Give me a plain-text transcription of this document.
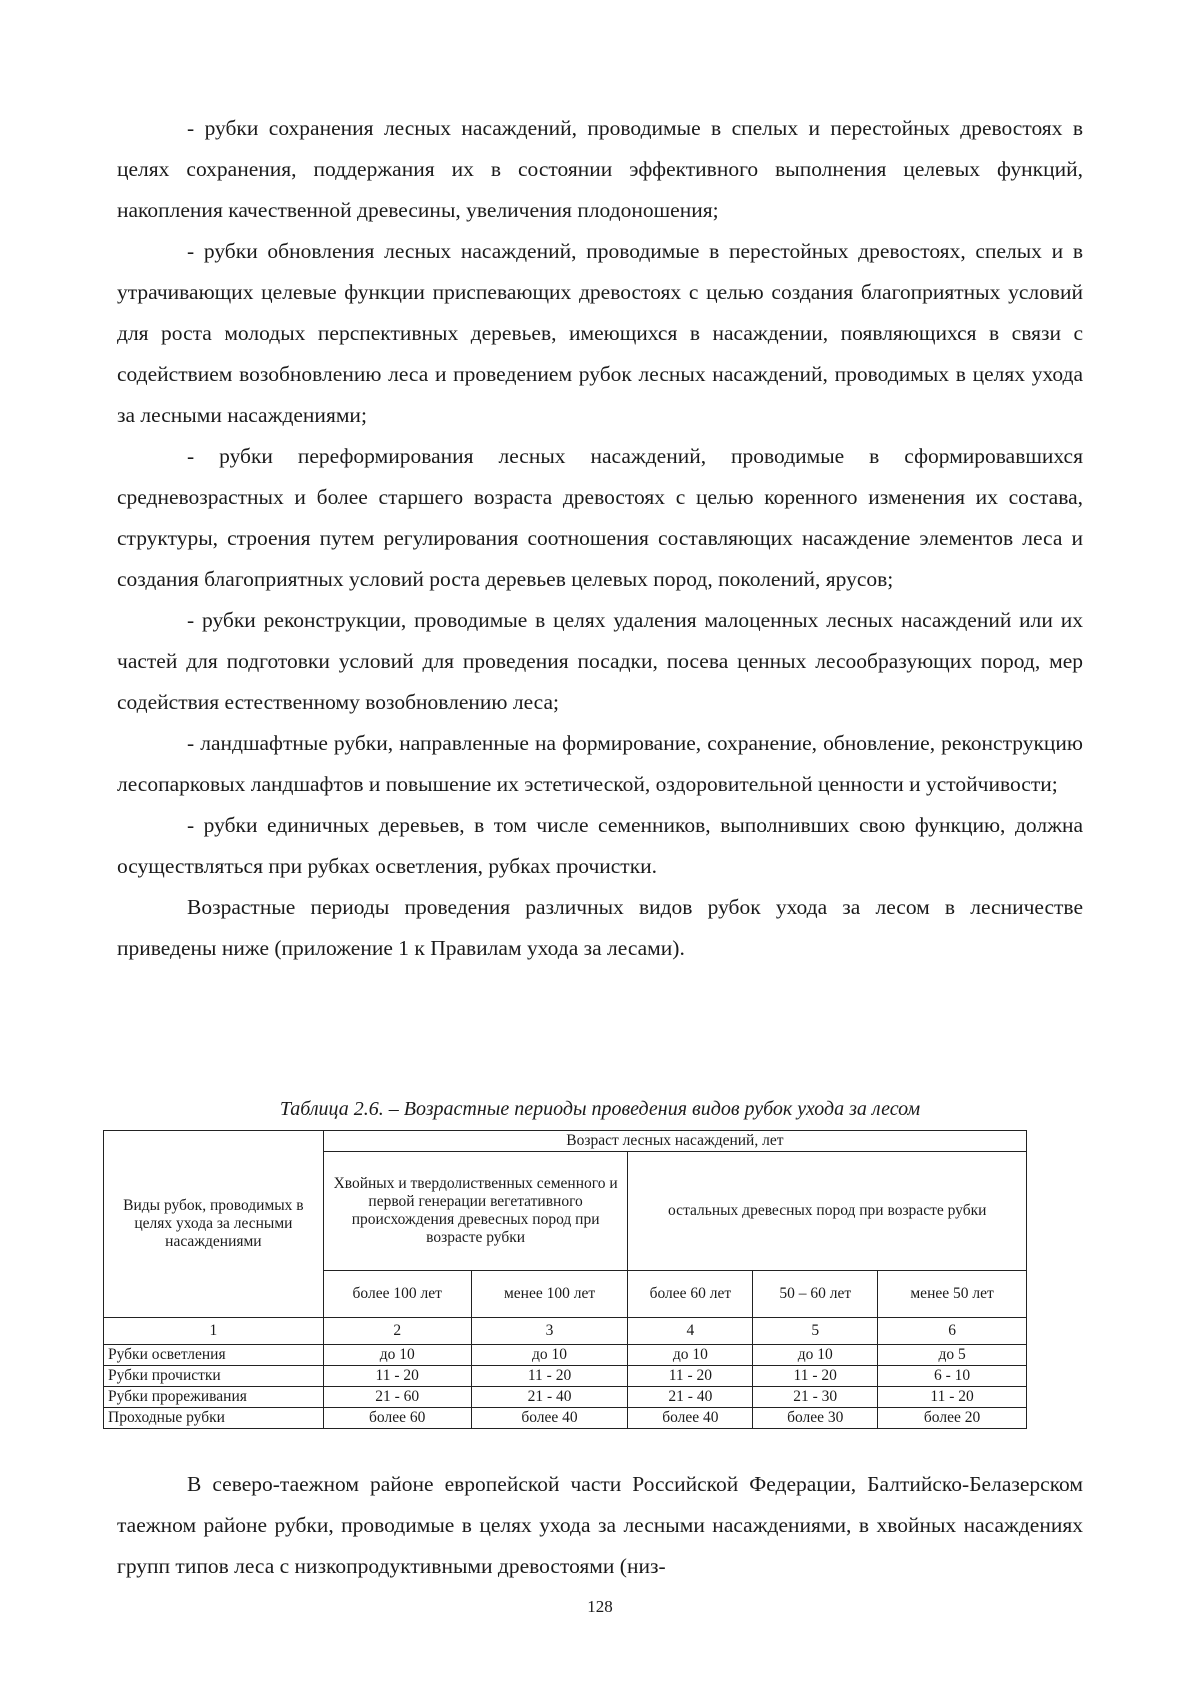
- рубки сохранения лесных насаждений, проводимые в спелых и перестойных древостоях в целях сохранения, поддержания их в состоянии эффективного выполнения целевых функций, накопления качественной древесины, увеличения плодоношения;

- рубки обновления лесных насаждений, проводимые в перестойных древостоях, спелых и в утрачивающих целевые функции приспевающих древостоях с целью создания благоприятных условий для роста молодых перспективных деревьев, имеющихся в насаждении, появляющихся в связи с содействием возобновлению леса и проведением рубок лесных насаждений, проводимых в целях ухода за лесными насаждениями;

- рубки переформирования лесных насаждений, проводимые в сформировавшихся средневозрастных и более старшего возраста древостоях с целью коренного изменения их состава, структуры, строения путем регулирования соотношения составляющих насаждение элементов леса и создания благоприятных условий роста деревьев целевых пород, поколений, ярусов;

- рубки реконструкции, проводимые в целях удаления малоценных лесных насаждений или их частей для подготовки условий для проведения посадки, посева ценных лесообразующих пород, мер содействия естественному возобновлению леса;

- ландшафтные рубки, направленные на формирование, сохранение, обновление, реконструкцию лесопарковых ландшафтов и повышение их эстетической, оздоровительной ценности и устойчивости;

- рубки единичных деревьев, в том числе семенников, выполнивших свою функцию, должна осуществляться при рубках осветления, рубках прочистки.

Возрастные периоды проведения различных видов рубок ухода за лесом в лесничестве приведены ниже (приложение 1 к Правилам ухода за лесами).

Таблица 2.6. – Возрастные периоды проведения видов рубок ухода за лесом
Виды рубок, проводимых в целях ухода за лесными насаждениями	Возраст лесных насаждений, лет				
	Хвойных и твердолиственных семенного и первой генерации вегетативного происхождения древесных пород при возрасте рубки		остальных древесных пород при возрасте рубки		
	более 100 лет	менее 100 лет	более 60 лет	50 – 60 лет	менее 50 лет
1	2	3	4	5	6
Рубки осветления	до 10	до 10	до 10	до 10	до 5
Рубки прочистки	11 - 20	11 - 20	11 - 20	11 - 20	6 - 10
Рубки прореживания	21 - 60	21 - 40	21 - 40	21 - 30	11 - 20
Проходные рубки	более 60	более 40	более 40	более 30	более 20

В северо-таежном районе европейской части Российской Федерации, Балтийско-Белазерском таежном районе рубки, проводимые в целях ухода за лесными насаждениями, в хвойных насаждениях групп типов леса с низкопродуктивными древостоями (низ-

128
